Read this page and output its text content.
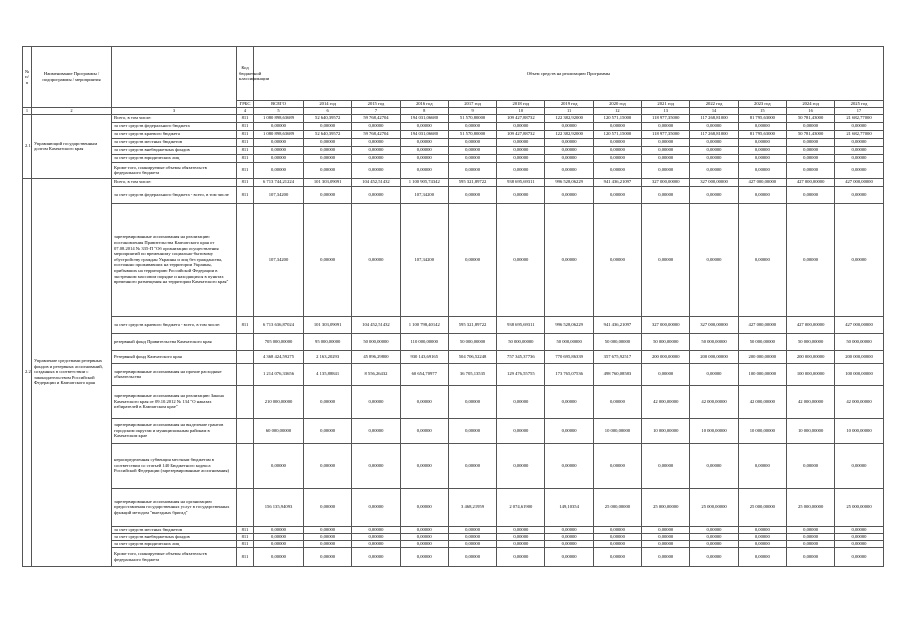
№ п/п	Наименование Программы / подпрограммы / мероприятия		Код бюджетной классификации	Объем средств на реализацию Программы												
			ГРБС	ВСЕГО	2014 год	2015 год	2016 год	2017 год	2018 год	2019 год	2020 год	2021 год	2022 год	2023 год	2024 год	2025 год
1	2	3	4	5	6	7	8	9	10	11	12	13	14	15	16	17
2.1.	Управляющий государственным долгом Камчатского края	Всего, в том числе:	811	1 080 898,63689	52 640,39572	59 768,42704	194 031,06680	51 570,80000	109 427,88732	122 382,92000	120 571,15000	118 977,35000	117 268,81000	81 795,63000	50 781,43000	21 682,77000
		за счет средств федерального бюджета	811	0,00000	0,00000	0,00000	0,00000	0,00000	0,00000	0,00000	0,00000	0,00000	0,00000	0,00000	0,00000	0,00000
		за счет средств краевого бюджета	811	1 080 898,63689	52 640,39572	59 768,42704	194 031,06680	51 570,80000	109 427,88732	122 382,92000	120 571,15000	118 977,35000	117 268,81000	81 795,63000	50 781,43000	21 682,77000
		за счет средств местных бюджетов	811	0,00000	0,00000	0,00000	0,00000	0,00000	0,00000	0,00000	0,00000	0,00000	0,00000	0,00000	0,00000	0,00000
		за счет средств внебюджетных фондов	811	0,00000	0,00000	0,00000	0,00000	0,00000	0,00000	0,00000	0,00000	0,00000	0,00000	0,00000	0,00000	0,00000
		за счет средств юридических лиц	811	0,00000	0,00000	0,00000	0,00000	0,00000	0,00000	0,00000	0,00000	0,00000	0,00000	0,00000	0,00000	0,00000
		Кроме того, планируемые объемы обязательств федерального бюджета	811	0,00000	0,00000	0,00000	0,00000	0,00000	0,00000	0,00000	0,00000	0,00000	0,00000	0,00000	0,00000	0,00000
2.2.	Управление средствами резервных фондов и резервных ассигнований, созданных в соответствии с законодательством Российской Федерации и Камчатского края	Всего, в том числе:	811	6 713 744,21224	101 303,09091	104 452,51432	1 100 905,74342	595 321,89722	938 695,69311	996 528,06229	941 436,21097	327 000,00000	327 000,00000	427 000,00000	427 000,00000	427 000,00000
		за счет средств федерального бюджета - всего, в том числе	811	107,34200	0,00000	0,00000	107,34200	0,00000	0,00000	0,00000	0,00000	0,00000	0,00000	0,00000	0,00000	0,00000
		зарезервированные ассигнования на реализацию постановления Правительства Камчатского края от 07.08.2014 № 335-П "Об организации осуществления мероприятий по временному социально-бытовому обустройству граждан Украины и лиц без гражданства, постоянно проживавших на территории Украины, прибывших на территорию Российской Федерации в экстренном массовом порядке и находящихся в пунктах временного размещения на территории Камчатского края"		107,34200	0,00000	0,00000	107,34200	0,00000	0,00000	0,00000	0,00000	0,00000	0,00000	0,00000	0,00000	0,00000
		за счет средств краевого бюджета - всего, в том числе:	811	6 713 636,87024	101 303,09091	104 452,51432	1 100 798,40142	595 321,89722	938 695,69311	996 528,06229	941 436,21097	327 000,00000	327 000,00000	427 000,00000	427 000,00000	427 000,00000
		резервный фонд Правительства Камчатского края		705 000,00000	95 000,00000	50 000,00000	110 000,00000	50 000,00000	50 000,00000	50 000,00000	50 000,00000	50 000,00000	50 000,00000	50 000,00000	50 000,00000	50 000,00000
		Резервный фонд Камчатского края		4 368 424,59275	2 163,20293	45 896,29800	930 143,69165	504 706,52248	757 345,37736	770 695,86339	357 675,92517	200 000,00000	200 000,00000	200 000,00000	200 000,00000	200 000,00000
		зарезервированные ассигнования на прочие расходные обязательства		1 214 076,33656	4 135,88841	8 556,26432	60 654,70977	36 705,13535	129 476,55755	173 765,07536	498 760,08583	0,00000	0,00000	100 000,00000	100 000,00000	100 000,00000
		зарезервированные ассигнования на реализацию Закона Камчатского края от 09.10.2012 № 134 "О наказах избирателей в Камчатском крае"		210 000,00000	0,00000	0,00000	0,00000	0,00000	0,00000	0,00000	0,00000	42 000,00000	42 000,00000	42 000,00000	42 000,00000	42 000,00000
		зарезервированные ассигнования на выделение грантов городским округам и муниципальным районам в Камчатском крае		60 000,00000	0,00000	0,00000	0,00000	0,00000	0,00000	0,00000	10 000,00000	10 000,00000	10 000,00000	10 000,00000	10 000,00000	10 000,00000
		нераспределенная субвенция местным бюджетам в соответствии со статьей 140 Бюджетного кодекса Российской Федерации (зарезервированные ассигнования)		0,00000	0,00000	0,00000	0,00000	0,00000	0,00000	0,00000	0,00000	0,00000	0,00000	0,00000	0,00000	0,00000
		зарезервированные ассигнования на организацию предоставления государственных услуг в государственных функций методом "выездных бригад"		156 135,94093	0,00000	0,00000	0,00000	3 468,21959	2 074,61900	149,10354	25 000,00000	25 000,00000	25 000,00000	25 000,00000	25 000,00000	25 000,00000
		за счет средств местных бюджетов	811	0,00000	0,00000	0,00000	0,00000	0,00000	0,00000	0,00000	0,00000	0,00000	0,00000	0,00000	0,00000	0,00000
		за счет средств внебюджетных фондов	811	0,00000	0,00000	0,00000	0,00000	0,00000	0,00000	0,00000	0,00000	0,00000	0,00000	0,00000	0,00000	0,00000
		за счет средств юридических лиц	811	0,00000	0,00000	0,00000	0,00000	0,00000	0,00000	0,00000	0,00000	0,00000	0,00000	0,00000	0,00000	0,00000
		Кроме того, планируемые объемы обязательств федерального бюджета	811	0,00000	0,00000	0,00000	0,00000	0,00000	0,00000	0,00000	0,00000	0,00000	0,00000	0,00000	0,00000	0,00000
